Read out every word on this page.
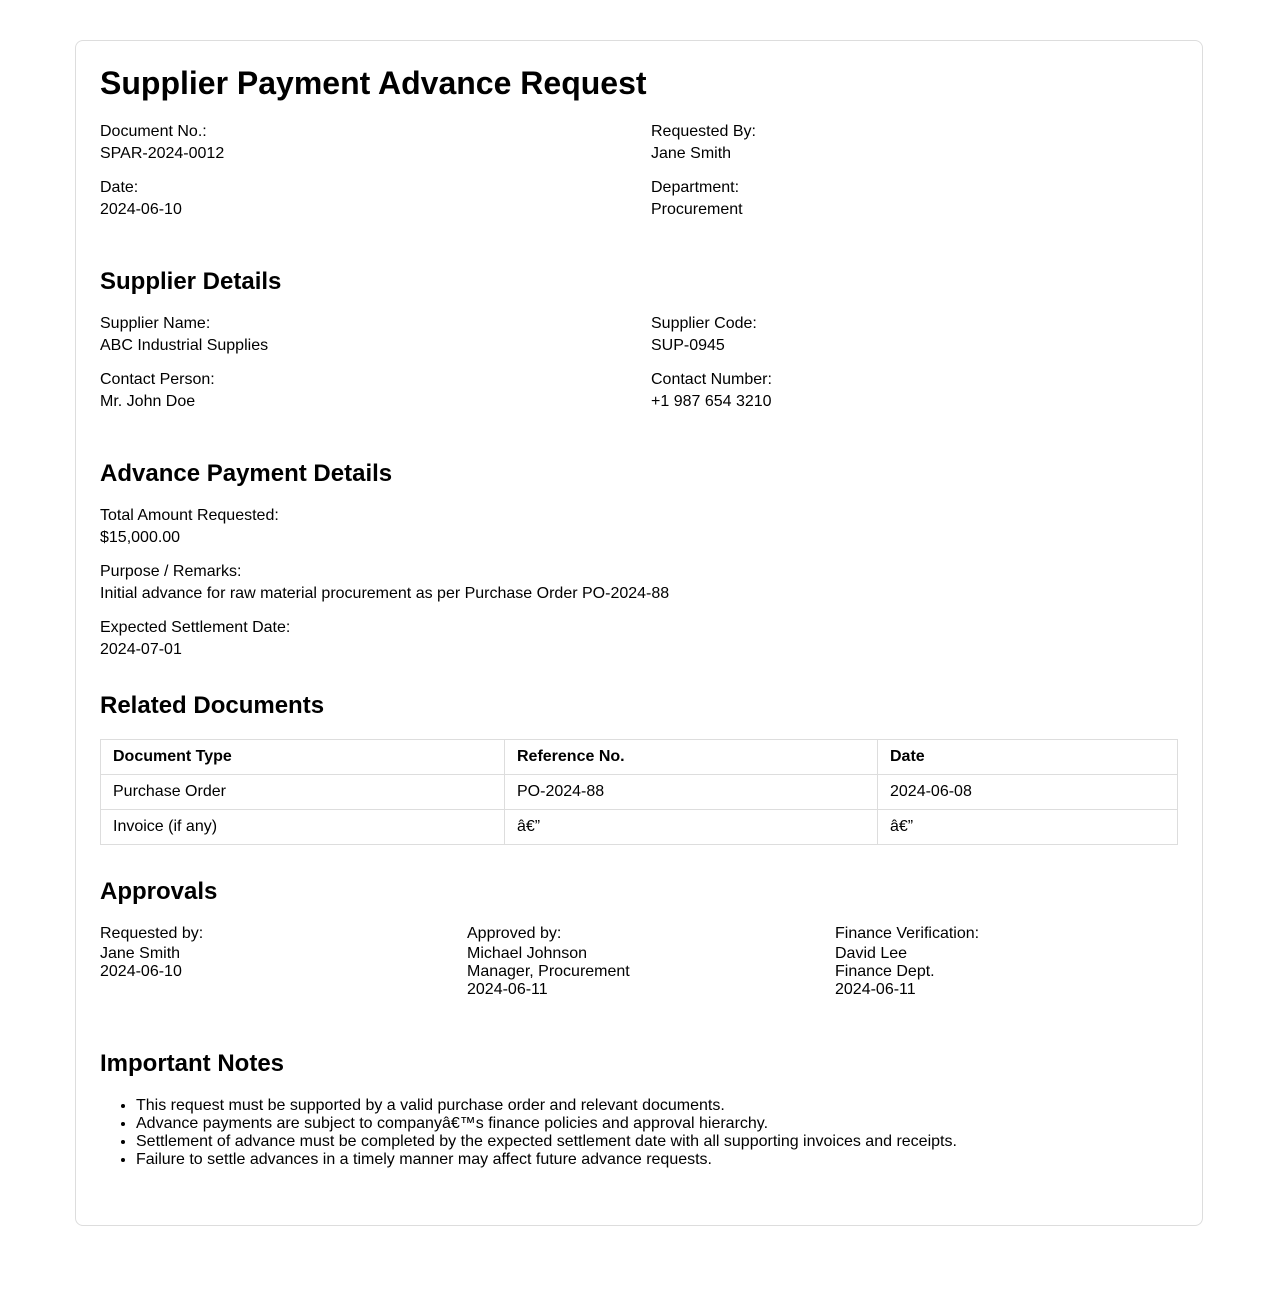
Supplier Payment Advance Request
Document No.:
SPAR-2024-0012
Requested By:
Jane Smith
Date:
2024-06-10
Department:
Procurement
Supplier Details
Supplier Name:
ABC Industrial Supplies
Supplier Code:
SUP-0945
Contact Person:
Mr. John Doe
Contact Number:
+1 987 654 3210
Advance Payment Details
Total Amount Requested:
$15,000.00
Purpose / Remarks:
Initial advance for raw material procurement as per Purchase Order PO-2024-88
Expected Settlement Date:
2024-07-01
Related Documents
Document Type	Reference No.	Date
Purchase Order	PO-2024-88	2024-06-08
Invoice (if any)	â€”	â€”
Approvals
Requested by:
Jane Smith
2024-06-10
Approved by:
Michael Johnson
Manager, Procurement
2024-06-11
Finance Verification:
David Lee
Finance Dept.
2024-06-11
Important Notes
• This request must be supported by a valid purchase order and relevant documents.
• Advance payments are subject to companyâ€™s finance policies and approval hierarchy.
• Settlement of advance must be completed by the expected settlement date with all supporting invoices and receipts.
• Failure to settle advances in a timely manner may affect future advance requests.
